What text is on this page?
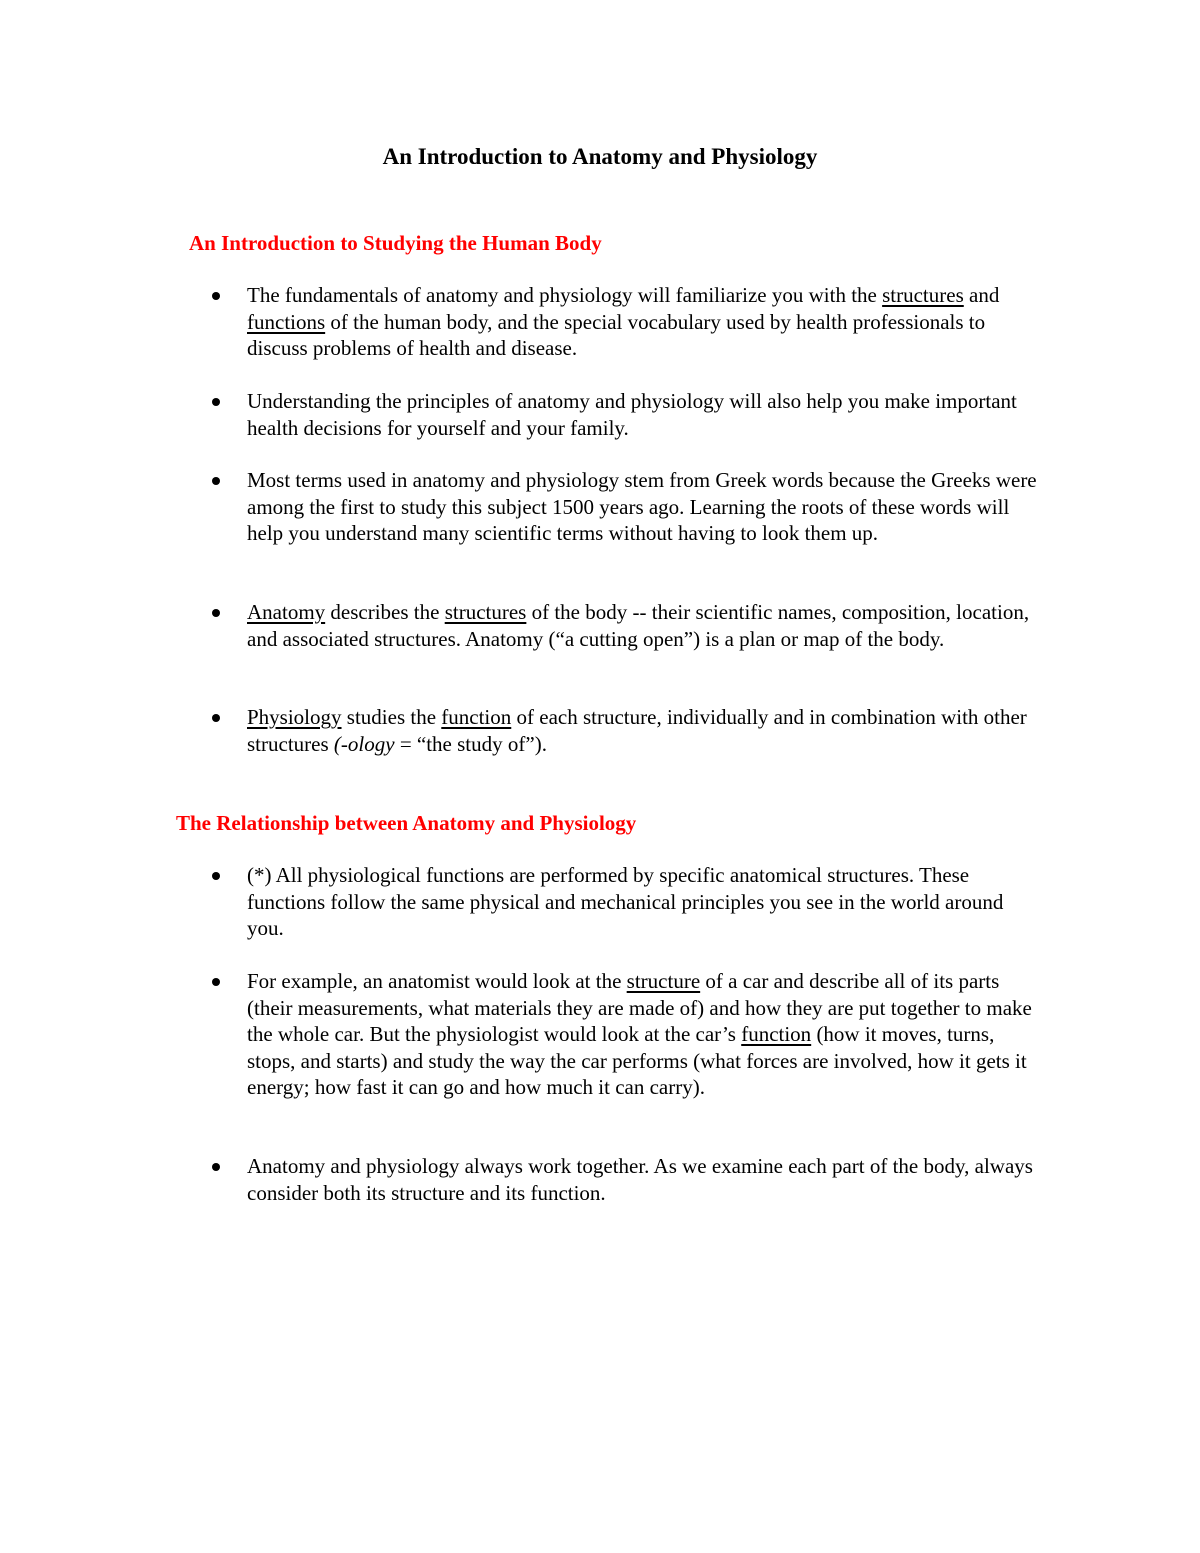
An Introduction to Anatomy and Physiology
An Introduction to Studying the Human Body

The fundamentals of anatomy and physiology will familiarize you with the structures and functions of the human body, and the special vocabulary used by health professionals to discuss problems of health and disease.

Understanding the principles of anatomy and physiology will also help you make important health decisions for yourself and your family.

Most terms used in anatomy and physiology stem from Greek words because the Greeks were among the first to study this subject 1500 years ago. Learning the roots of these words will help you understand many scientific terms without having to look them up.

Anatomy describes the structures of the body -- their scientific names, composition, location, and associated structures. Anatomy (“a cutting open”) is a plan or map of the body.

Physiology studies the function of each structure, individually and in combination with other structures (-ology = “the study of”).

The Relationship between Anatomy and Physiology

(*) All physiological functions are performed by specific anatomical structures. These functions follow the same physical and mechanical principles you see in the world around you.

For example, an anatomist would look at the structure of a car and describe all of its parts (their measurements, what materials they are made of) and how they are put together to make the whole car. But the physiologist would look at the car’s function (how it moves, turns, stops, and starts) and study the way the car performs (what forces are involved, how it gets it energy; how fast it can go and how much it can carry).

Anatomy and physiology always work together. As we examine each part of the body, always consider both its structure and its function.
